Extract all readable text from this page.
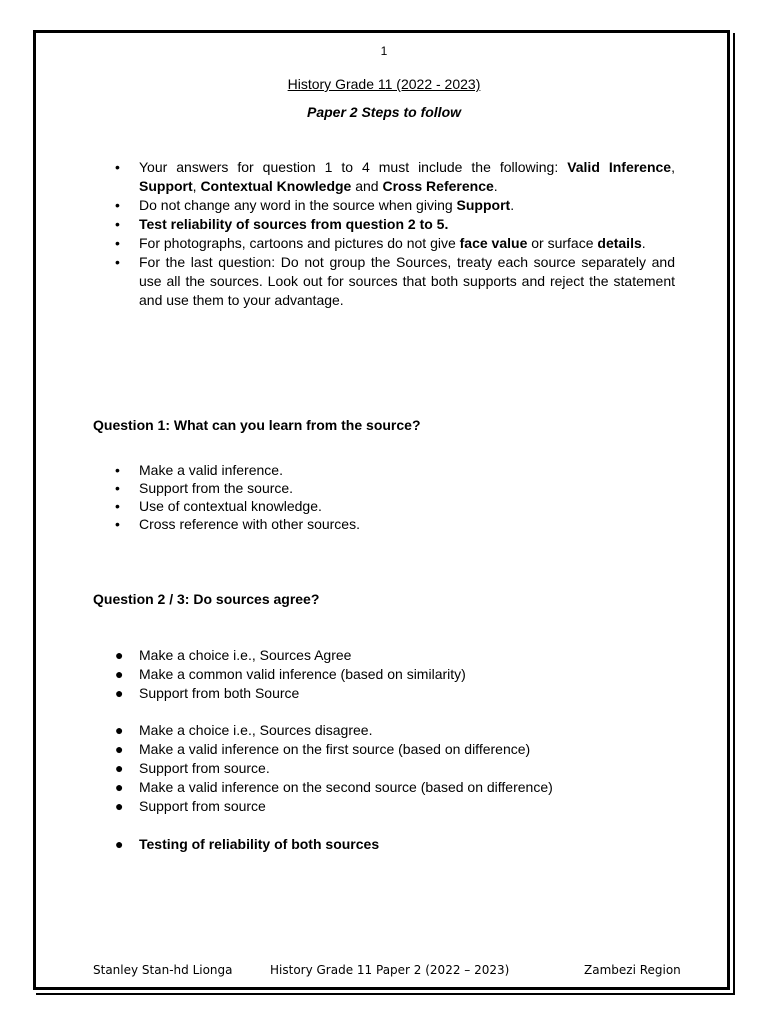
1
History Grade 11 (2022 - 2023)
Paper 2 Steps to follow
• Your answers for question 1 to 4 must include the following: Valid Inference, Support, Contextual Knowledge and Cross Reference.
• Do not change any word in the source when giving Support.
• Test reliability of sources from question 2 to 5.
• For photographs, cartoons and pictures do not give face value or surface details.
• For the last question: Do not group the Sources, treaty each source separately and use all the sources. Look out for sources that both supports and reject the statement and use them to your advantage.
Question 1: What can you learn from the source?
• Make a valid inference.
• Support from the source.
• Use of contextual knowledge.
• Cross reference with other sources.
Question 2 / 3: Do sources agree?
● Make a choice i.e., Sources Agree
● Make a common valid inference (based on similarity)
● Support from both Source
● Make a choice i.e., Sources disagree.
● Make a valid inference on the first source (based on difference)
● Support from source.
● Make a valid inference on the second source (based on difference)
● Support from source
● Testing of reliability of both sources
Stanley Stan-hd Lionga	History Grade 11 Paper 2 (2022 – 2023)	Zambezi Region
